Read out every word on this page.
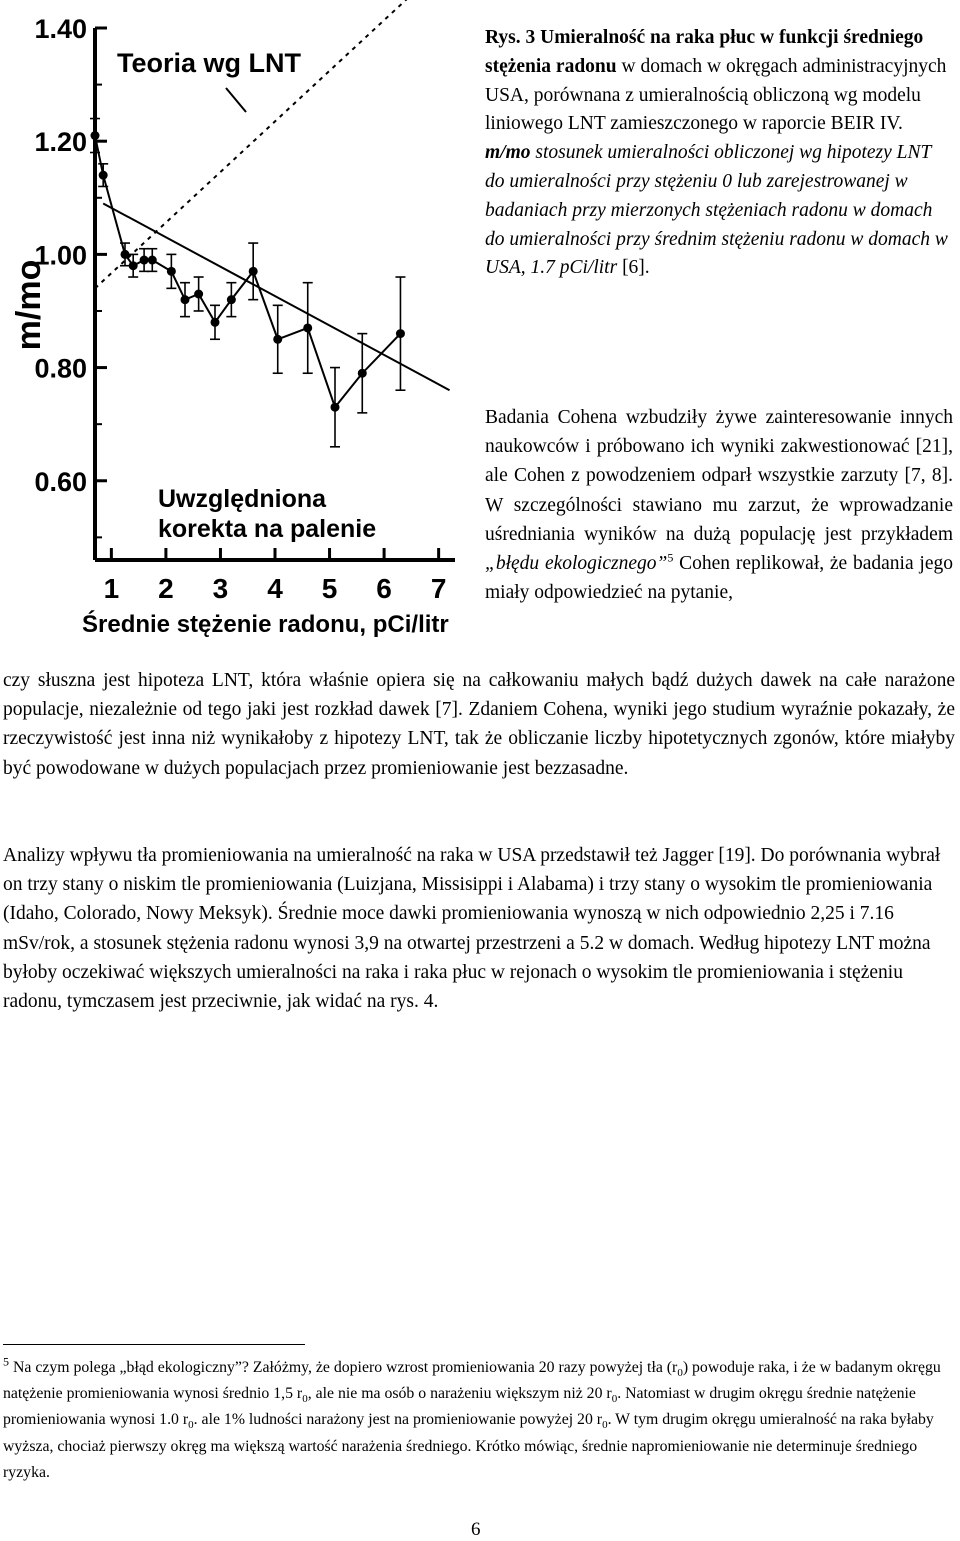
1.40
1.20
1.00
0.80
0.60
1 2 3 4 5 6 7
m/mo
Teoria wg LNT
Uwzględniona
korekta na palenie
Średnie stężenie radonu, pCi/litr
Rys. 3 Umieralność na raka płuc w funkcji średniego stężenia radonu w domach w okręgach administracyjnych USA, porównana z umieralnością obliczoną wg modelu liniowego LNT zamieszczonego w raporcie BEIR IV.
m/mo stosunek umieralności obliczonej wg hipotezy LNT do umieralności przy stężeniu 0 lub zarejestrowanej w badaniach przy mierzonych stężeniach radonu w domach do umieralności przy średnim stężeniu radonu w domach w USA, 1.7 pCi/litr [6].
Badania Cohena wzbudziły żywe zainteresowanie innych naukowców i próbowano ich wyniki zakwestionować [21], ale Cohen z powodzeniem odparł wszystkie zarzuty [7, 8]. W szczególności stawiano mu zarzut, że wprowadzanie uśredniania wyników na dużą populację jest przykładem „błędu ekologicznego”$^5$ Cohen replikował, że badania jego miały odpowiedzieć na pytanie,
czy słuszna jest hipoteza LNT, która właśnie opiera się na całkowaniu małych bądź dużych dawek na całe narażone populacje, niezależnie od tego jaki jest rozkład dawek [7]. Zdaniem Cohena, wyniki jego studium wyraźnie pokazały, że rzeczywistość jest inna niż wynikałoby z hipotezy LNT, tak że obliczanie liczby hipotetycznych zgonów, które miałyby być powodowane w dużych populacjach przez promieniowanie jest bezzasadne.
Analizy wpływu tła promieniowania na umieralność na raka w USA przedstawił też Jagger [19]. Do porównania wybrał on trzy stany o niskim tle promieniowania (Luizjana, Missisippi i Alabama) i trzy stany o wysokim tle promieniowania (Idaho, Colorado, Nowy Meksyk). Średnie moce dawki promieniowania wynoszą w nich odpowiednio 2,25 i 7.16 mSv/rok, a stosunek stężenia radonu wynosi 3,9 na otwartej przestrzeni a 5.2 w domach. Według hipotezy LNT można byłoby oczekiwać większych umieralności na raka i raka płuc w rejonach o wysokim tle promieniowania i stężeniu radonu, tymczasem jest przeciwnie, jak widać na rys. 4.
$^5$ Na czym polega „błąd ekologiczny”? Załóżmy, że dopiero wzrost promieniowania 20 razy powyżej tła $(r_0)$ powoduje raka, i że w badanym okręgu natężenie promieniowania wynosi średnio 1,5 $r_0$, ale nie ma osób o narażeniu większym niż 20 $r_0$. Natomiast w drugim okręgu średnie natężenie promieniowania wynosi 1.0 $r_0$. ale 1% ludności narażony jest na promieniowanie powyżej 20 $r_0$. W tym drugim okręgu umieralność na raka byłaby wyższa, chociaż pierwszy okręg ma większą wartość narażenia średniego. Krótko mówiąc, średnie napromieniowanie nie determinuje średniego ryzyka.
6
